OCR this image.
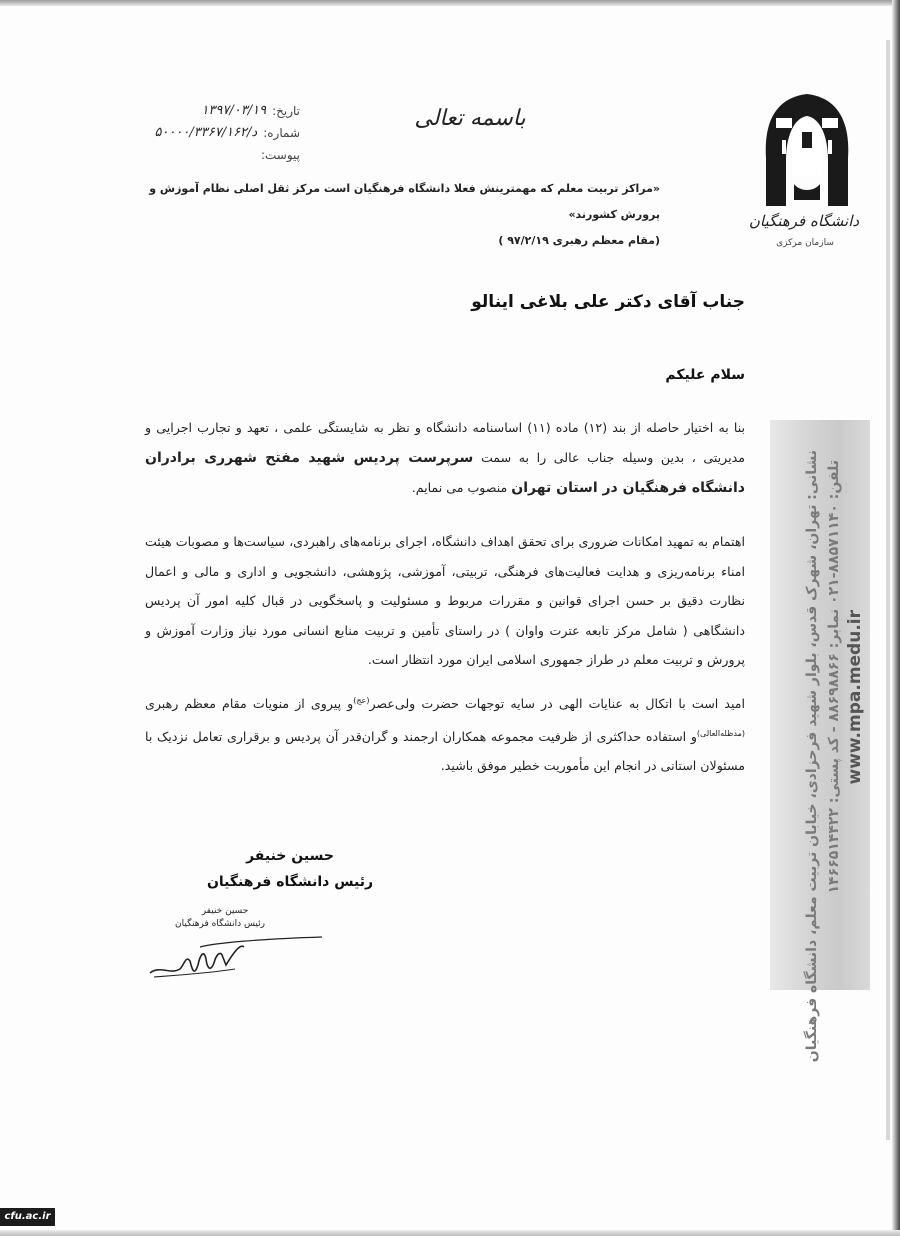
تاریخ:
۱۳۹۷/۰۳/۱۹
شماره:
د/۵۰۰۰۰/۳۳۶۷/۱۶۲
پیوست:
باسمه تعالی
«مراکز تربیت معلم که مهمترینش فعلا دانشگاه فرهنگیان است مرکز ثقل اصلی نظام آموزش و پرورش کشورند»
(مقام معظم رهبری ۹۷/۲/۱۹ )
دانشگاه فرهنگیان
سازمان مرکزی
نشانی: تهران، شهرک قدس، بلوار شهید فرحزادی، خیابان تربیت معلم، دانشگاه فرهنگیان تلفن: ۸۸۵۷۱۱۴۰-۰۲۱ نمابر: ۸۸۶۹۸۸۶۶ - کد پستی: ۱۴۶۶۵۱۴۴۲۲
www.mpa.medu.ir
جناب آقای دکتر علی بلاغی اینالو
سلام علیکم
بنا به اختیار حاصله از بند (۱۲) ماده (۱۱) اساسنامه دانشگاه و نظر به شایستگی علمی ، تعهد و تجارب اجرایی و مدیریتی ، بدین وسیله جناب عالی را به سمت سرپرست پردیس شهید مفتح شهرری برادران دانشگاه فرهنگیان در استان تهران منصوب می نمایم.
اهتمام به تمهید امکانات ضروری برای تحقق اهداف دانشگاه، اجرای برنامه‌های راهبردی، سیاست‌ها و مصوبات هیئت امناء برنامه‌ریزی و هدایت فعالیت‌های فرهنگی، تربیتی، آموزشی، پژوهشی، دانشجویی و اداری و مالی و اعمال نظارت دقیق بر حسن اجرای قوانین و مقررات مربوط و مسئولیت و پاسخگویی در قبال کلیه امور آن پردیس دانشگاهی ( شامل مرکز تابعه عترت واوان ) در راستای تأمین و تربیت منابع انسانی مورد نیاز وزارت آموزش و پرورش و تربیت معلم در طراز جمهوری اسلامی ایران مورد انتظار است.
امید است با اتکال به عنایات الهی در سایه توجهات حضرت ولی‌عصر$^{(عج)}$و پیروی از منویات مقام معظم رهبری $^{(مدظله‌العالی)}$و استفاده حداکثری از ظرفیت مجموعه همکاران ارجمند و گران‌قدر آن پردیس و برقراری تعامل نزدیک با مسئولان استانی در انجام این مأموریت خطیر موفق باشید.
حسین خنیفر
رئیس دانشگاه فرهنگیان
حسین خنیفر
رئیس دانشگاه فرهنگیان
cfu.ac.ir
